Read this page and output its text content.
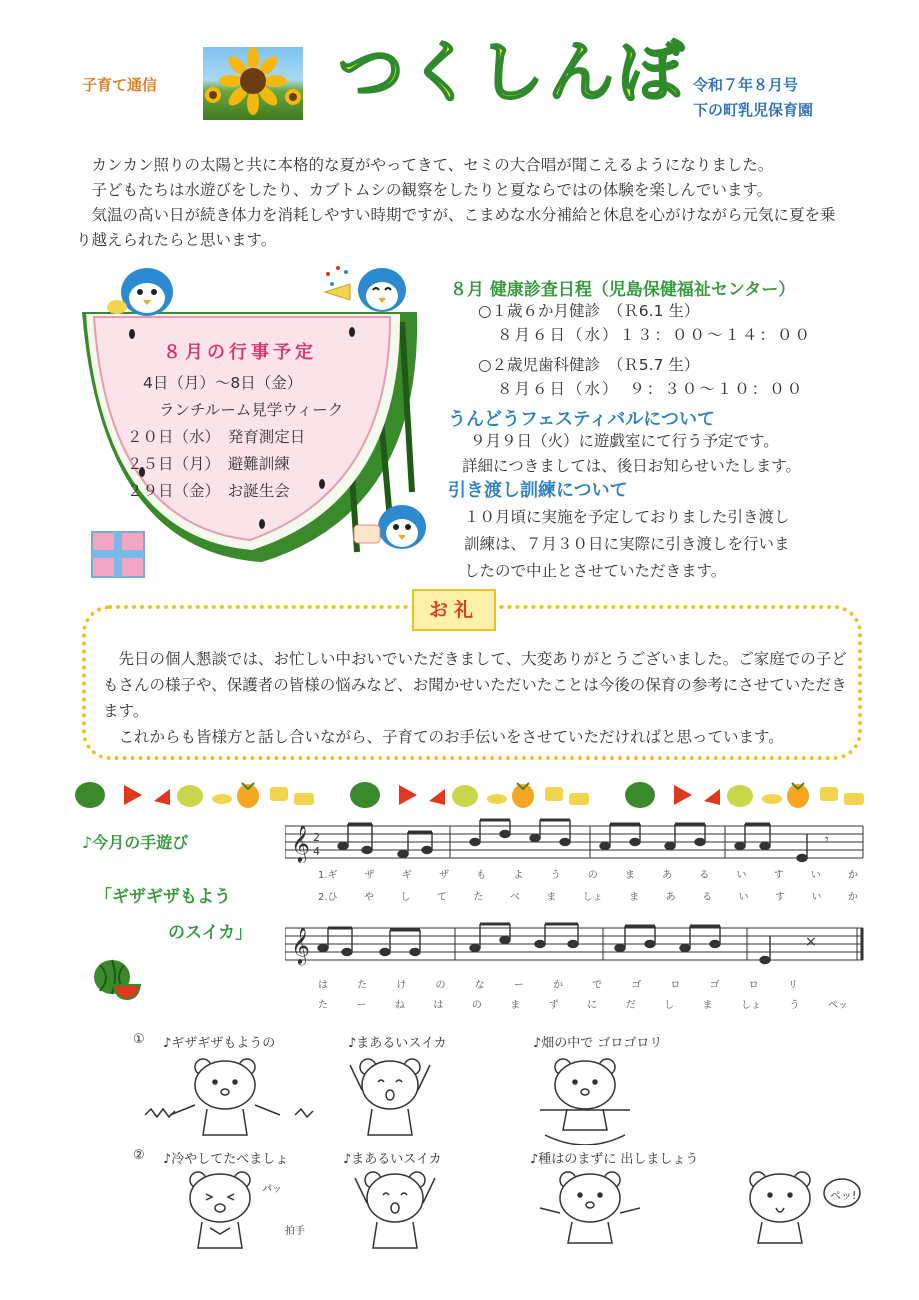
子育て通信	つくしんぼ 令和７年８月号
下の町乳児保育園

カンカン照りの太陽と共に本格的な夏がやってきて、セミの大合唱が聞こえるようになりました。

子どもたちは水遊びをしたり、カブトムシの観察をしたりと夏ならではの体験を楽しんでいます。

気温の高い日が続き体力を消耗しやすい時期ですが、こまめな水分補給と休息を心がけながら元気に夏を乗り越えられたらと思います。

８月の行事予定
4日（月）～8日（金）
ランチルーム見学ウィーク
２０日（水）　発育測定日
２５日（月）　避難訓練
２９日（金）　お誕生会
８月 健康診査日程（児島保健福祉センター）
○１歳６か月健診　（Ｒ6.1 生）
８月６日（水）１３：００～１４：００
○２歳児歯科健診　（Ｒ5.7 生）
８月６日（水）　９：３０～１０：００
うんどうフェスティバルについて
９月９日（火）に遊戯室にて行う予定です。
詳細につきましては、後日お知らせいたします。
引き渡し訓練について
１０月頃に実施を予定しておりました引き渡し
訓練は、７月３０日に実際に引き渡しを行いま
したので中止とさせていただきます。
お礼

先日の個人懇談では、お忙しい中おいでいただきまして、大変ありがとうございました。ご家庭での子どもさんの様子や、保護者の皆様の悩みなど、お聞かせいただいたことは今後の保育の参考にさせていただきます。

これからも皆様方と話し合いながら、子育てのお手伝いをさせていただければと思っています。

♪今月の手遊び
「ギザギザもよう
のスイカ」
𝄞 2
4
𝄾
1.ギ	ザ	ギ	ザ	も	よ	う	の	ま	あ	る	い	す	い	か
2.ひ	や	し	て	た	べ	ま	しょ	ま	あ	る	い	す	い	か
𝄞	×
は	た	け	の	な	ー	か	で	ゴ	ロ	ゴ	ロ	リ
た	ー	ね	は	の	ま	ず	に	だ	し	ま	しょ	う	ペッ
① ♪ギザギザもようの	♪まあるいスイカ	♪畑の中で ゴロゴロリ
② ♪冷やしてたべましょ	♪まあるいスイカ	♪種はのまずに 出しましょう
拍手
パッ	ペッ!
